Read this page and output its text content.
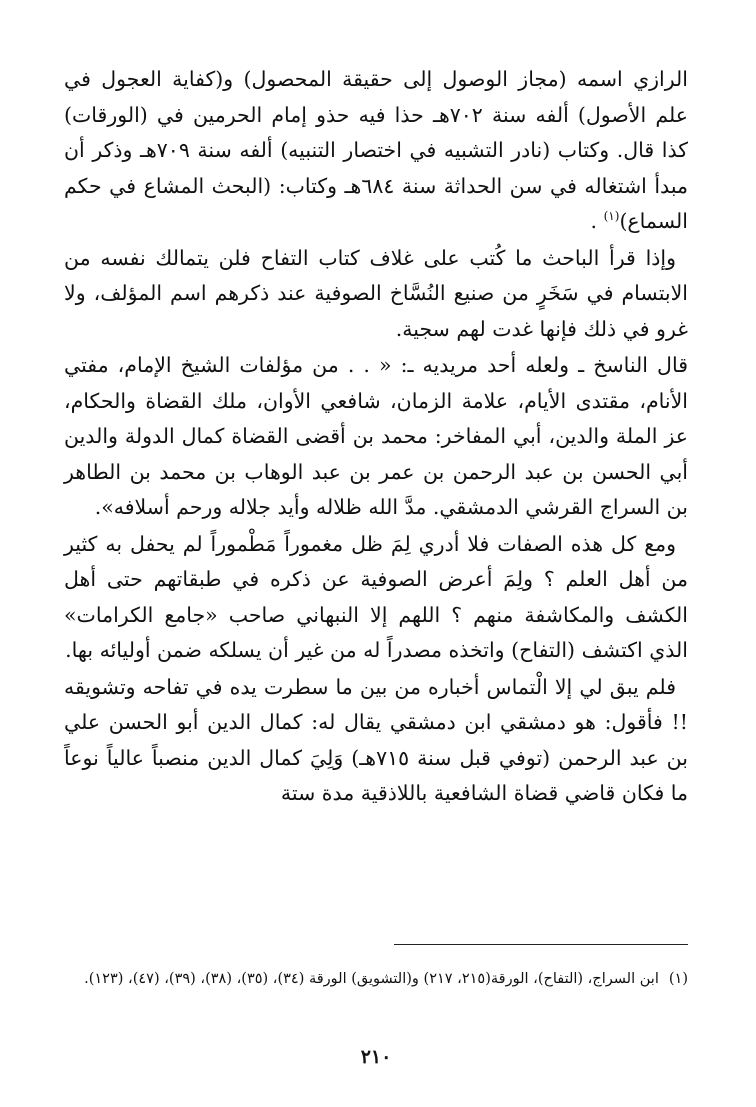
الرازي اسمه (مجاز الوصول إلى حقيقة المحصول) و(كفاية العجول في علم الأصول) ألفه سنة ٧٠٢هـ حذا فيه حذو إمام الحرمين في (الورقات) كذا قال. وكتاب (نادر التشبيه في اختصار التنبيه) ألفه سنة ٧٠٩هـ وذكر أن مبدأ اشتغاله في سن الحداثة سنة ٦٨٤هـ وكتاب: (البحث المشاع في حكم السماع)$^{(١)}$ .

وإذا قرأ الباحث ما كُتب على غلاف كتاب التفاح فلن يتمالك نفسه من الابتسام في سَخَرٍ من صنيع النُسَّاخ الصوفية عند ذكرهم اسم المؤلف، ولا غرو في ذلك فإنها غدت لهم سجية.

قال الناسخ ـ ولعله أحد مريديه ـ: « . . من مؤلفات الشيخ الإمام، مفتي الأنام، مقتدى الأيام، علامة الزمان، شافعي الأوان، ملك القضاة والحكام، عز الملة والدين، أبي المفاخر: محمد بن أقضى القضاة كمال الدولة والدين أبي الحسن بن عبد الرحمن بن عمر بن عبد الوهاب بن محمد بن الطاهر بن السراج القرشي الدمشقي. مدَّ الله ظلاله وأيد جلاله ورحم أسلافه».

ومع كل هذه الصفات فلا أدري لِمَ ظل مغموراً مَطْموراً لم يحفل به كثير من أهل العلم ؟ ولِمَ أعرض الصوفية عن ذكره في طبقاتهم حتى أهل الكشف والمكاشفة منهم ؟ اللهم إلا النبهاني صاحب «جامع الكرامات» الذي اكتشف (التفاح) واتخذه مصدراً له من غير أن يسلكه ضمن أوليائه بها.

فلم يبق لي إلا الْتماس أخباره من بين ما سطرت يده في تفاحه وتشويقه !! فأقول: هو دمشقي ابن دمشقي يقال له: كمال الدين أبو الحسن علي بن عبد الرحمن (توفي قبل سنة ٧١٥هـ) وَلِيَ كمال الدين منصباً عالياً نوعاً ما فكان قاضي قضاة الشافعية باللاذقية مدة ستة

(١)ابن السراج، (التفاح)، الورقة(٢١٥، ٢١٧) و(التشويق) الورقة (٣٤)، (٣٥)، (٣٨)، (٣٩)، (٤٧)، (١٢٣).
٢١٠
